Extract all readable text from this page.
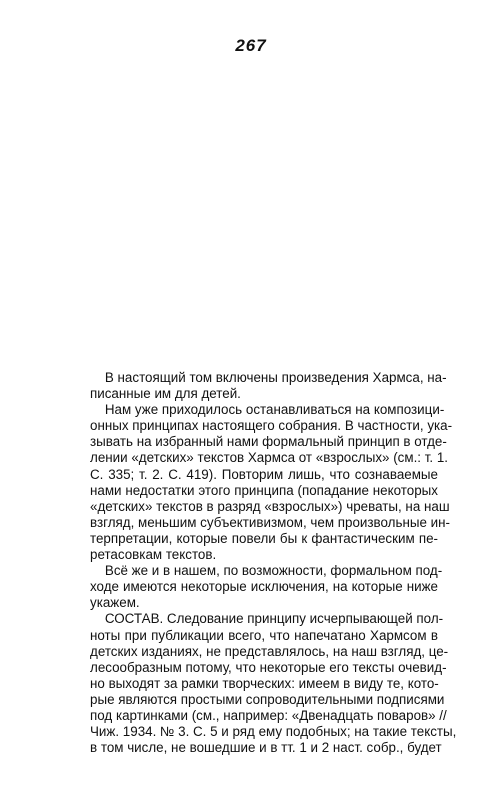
267
В настоящий том включены произведения Хармса, на-
писанные им для детей.
Нам уже приходилось останавливаться на композици-
онных принципах настоящего собрания. В частности, ука-
зывать на избранный нами формальный принцип в отде-
лении «детских» текстов Хармса от «взрослых» (см.: т. 1.
С. 335; т. 2. С. 419). Повторим лишь, что сознаваемые
нами недостатки этого принципа (попадание некоторых
«детских» текстов в разряд «взрослых») чреваты, на наш
взгляд, меньшим субъективизмом, чем произвольные ин-
терпретации, которые повели бы к фантастическим пе-
ретасовкам текстов.
Всё же и в нашем, по возможности, формальном под-
ходе имеются некоторые исключения, на которые ниже
укажем.
СОСТАВ. Следование принципу исчерпывающей пол-
ноты при публикации всего, что напечатано Хармсом в
детских изданиях, не представлялось, на наш взгляд, це-
лесообразным потому, что некоторые его тексты очевид-
но выходят за рамки творческих: имеем в виду те, кото-
рые являются простыми сопроводительными подписями
под картинками (см., например: «Двенадцать поваров» //
Чиж. 1934. № 3. С. 5 и ряд ему подобных; на такие тексты,
в том числе, не вошедшие и в тт. 1 и 2 наст. собр., будет
